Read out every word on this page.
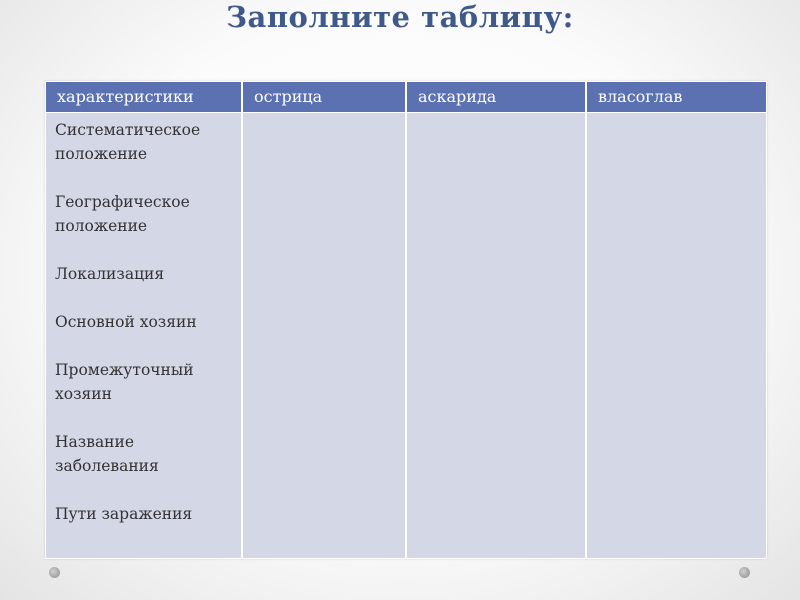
Заполните таблицу:
характеристики	острица	аскарида	власоглав
Систематическое
положение
Географическое
положение
Локализация
Основной хозяин
Промежуточный
хозяин
Название
заболевания
Пути заражения
